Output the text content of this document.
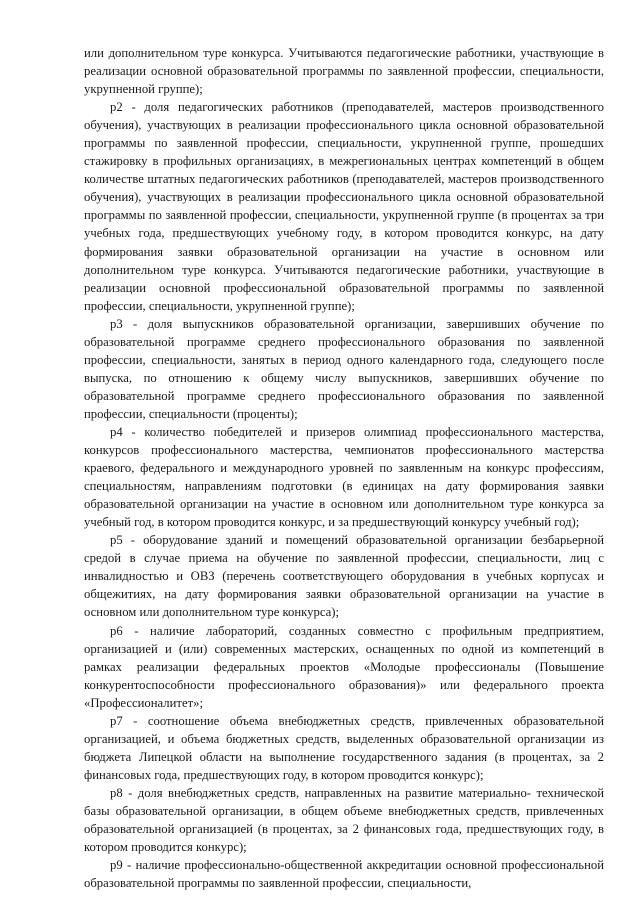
или дополнительном туре конкурса. Учитываются педагогические работники, участвующие в реализации основной образовательной программы по заявленной профессии, специальности, укрупненной группе);

р2 - доля педагогических работников (преподавателей, мастеров производственного обучения), участвующих в реализации профессионального цикла основной образовательной программы по заявленной профессии, специальности, укрупненной группе, прошедших стажировку в профильных организациях, в межрегиональных центрах компетенций в общем количестве штатных педагогических работников (преподавателей, мастеров производственного обучения), участвующих в реализации профессионального цикла основной образовательной программы по заявленной профессии, специальности, укрупненной группе (в процентах за три учебных года, предшествующих учебному году, в котором проводится конкурс, на дату формирования заявки образовательной организации на участие в основном или дополнительном туре конкурса. Учитываются педагогические работники, участвующие в реализации основной профессиональной образовательной программы по заявленной профессии, специальности, укрупненной группе);

р3 - доля выпускников образовательной организации, завершивших обучение по образовательной программе среднего профессионального образования по заявленной профессии, специальности, занятых в период одного календарного года, следующего после выпуска, по отношению к общему числу выпускников, завершивших обучение по образовательной программе среднего профессионального образования по заявленной профессии, специальности (проценты);

р4 - количество победителей и призеров олимпиад профессионального мастерства, конкурсов профессионального мастерства, чемпионатов профессионального мастерства краевого, федерального и международного уровней по заявленным на конкурс профессиям, специальностям, направлениям подготовки (в единицах на дату формирования заявки образовательной организации на участие в основном или дополнительном туре конкурса за учебный год, в котором проводится конкурс, и за предшествующий конкурсу учебный год);

р5 - оборудование зданий и помещений образовательной организации безбарьерной средой в случае приема на обучение по заявленной профессии, специальности, лиц с инвалидностью и ОВЗ (перечень соответствующего оборудования в учебных корпусах и общежитиях, на дату формирования заявки образовательной организации на участие в основном или дополнительном туре конкурса);

р6 - наличие лабораторий, созданных совместно с профильным предприятием, организацией и (или) современных мастерских, оснащенных по одной из компетенций в рамках реализации федеральных проектов «Молодые профессионалы (Повышение конкурентоспособности профессионального образования)» или федерального проекта «Профессионалитет»;

р7 - соотношение объема внебюджетных средств, привлеченных образовательной организацией, и объема бюджетных средств, выделенных образовательной организации из бюджета Липецкой области на выполнение государственного задания (в процентах, за 2 финансовых года, предшествующих году, в котором проводится конкурс);

р8 - доля внебюджетных средств, направленных на развитие материально- технической базы образовательной организации, в общем объеме внебюджетных средств, привлеченных образовательной организацией (в процентах, за 2 финансовых года, предшествующих году, в котором проводится конкурс);

р9 - наличие профессионально-общественной аккредитации основной профессиональной образовательной программы по заявленной профессии, специальности,
